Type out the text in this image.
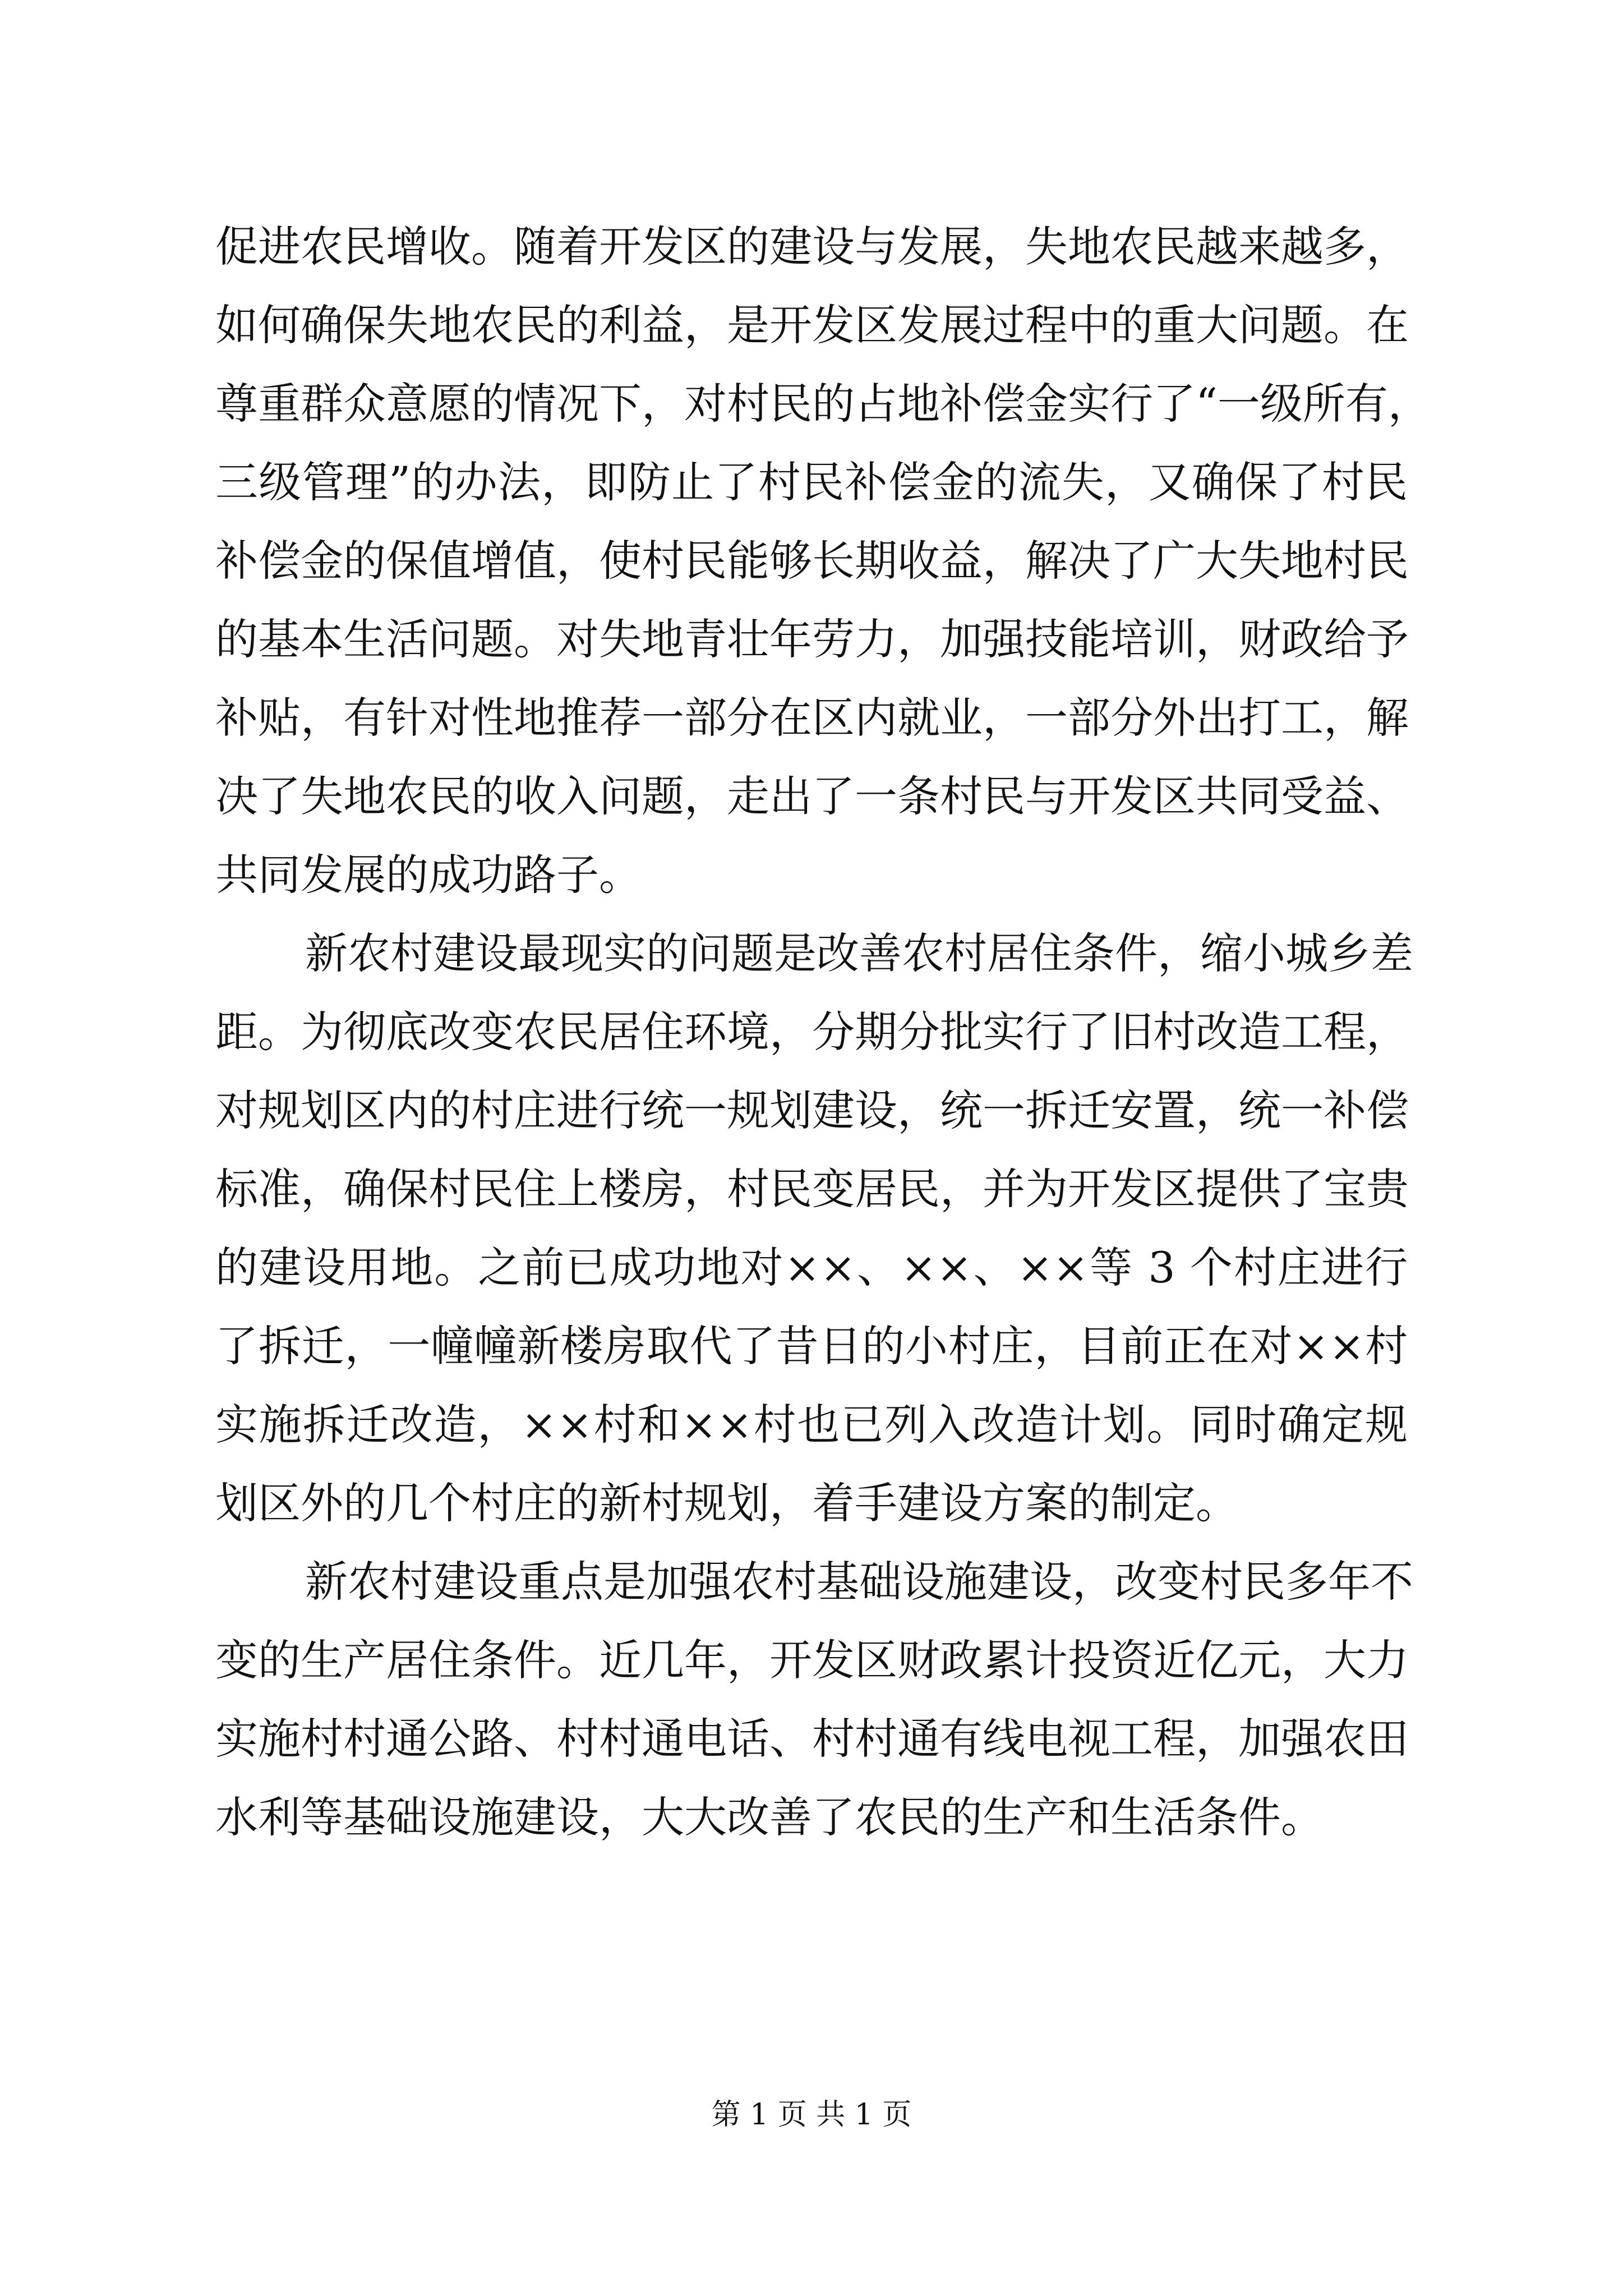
促进农民增收。随着开发区的建设与发展，失地农民越来越多，
如何确保失地农民的利益，是开发区发展过程中的重大问题。在
尊重群众意愿的情况下，对村民的占地补偿金实行了“一级所有，
三级管理”的办法，即防止了村民补偿金的流失，又确保了村民
补偿金的保值增值，使村民能够长期收益，解决了广大失地村民
的基本生活问题。对失地青壮年劳力，加强技能培训，财政给予
补贴，有针对性地推荐一部分在区内就业，一部分外出打工，解
决了失地农民的收入问题，走出了一条村民与开发区共同受益、
共同发展的成功路子。
新农村建设最现实的问题是改善农村居住条件，缩小城乡差
距。为彻底改变农民居住环境，分期分批实行了旧村改造工程，
对规划区内的村庄进行统一规划建设，统一拆迁安置，统一补偿
标准，确保村民住上楼房，村民变居民，并为开发区提供了宝贵
的建设用地。之前已成功地对××、××、××等 3 个村庄进行
了拆迁，一幢幢新楼房取代了昔日的小村庄，目前正在对××村
实施拆迁改造，××村和××村也已列入改造计划。同时确定规
划区外的几个村庄的新村规划，着手建设方案的制定。
新农村建设重点是加强农村基础设施建设，改变村民多年不
变的生产居住条件。近几年，开发区财政累计投资近亿元，大力
实施村村通公路、村村通电话、村村通有线电视工程，加强农田
水利等基础设施建设，大大改善了农民的生产和生活条件。
第 1 页 共 1 页
